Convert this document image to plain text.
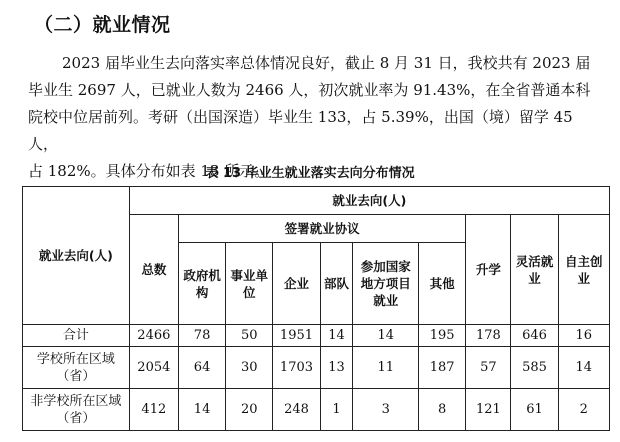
（二）就业情况

2023 届毕业生去向落实率总体情况良好，截止 8 月 31 日，我校共有 2023 届

毕业生 2697 人，已就业人数为 2466 人，初次就业率为 91.43%，在全省普通本科

院校中位居前列。考研（出国深造）毕业生 133，占 5.39%，出国（境）留学 45 人，

占 182%。具体分布如表 13 所示。

表 13 毕业生就业落实去向分布情况
就业去向(人)	就业去向(人)									
	总数	签署就业协议						升学	灵活就业	自主创业
		政府机构	事业单位	企业	部队	参加国家地方项目就业	其他			
合计	2466	78	50	1951	14	14	195	178	646	16
学校所在区域（省）	2054	64	30	1703	13	11	187	57	585	14
非学校所在区域（省）	412	14	20	248	1	3	8	121	61	2
